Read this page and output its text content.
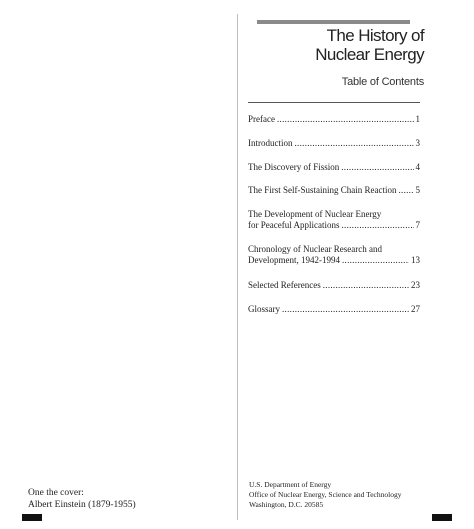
The History of
Nuclear Energy
Table of Contents
Preface .....	1
Introduction .....	3
The Discovery of Fission .....	4
The First Self-Sustaining Chain Reaction ..... 5
The Development of Nuclear Energy
for Peaceful Applications .....	7
Chronology of Nuclear Research and
Development, 1942-1994 .....	13
Selected References .....	23
Glossary .....	27
One the cover:
Albert Einstein (1879-1955)
U.S. Department of Energy
Office of Nuclear Energy, Science and Technology
Washington, D.C. 20585
